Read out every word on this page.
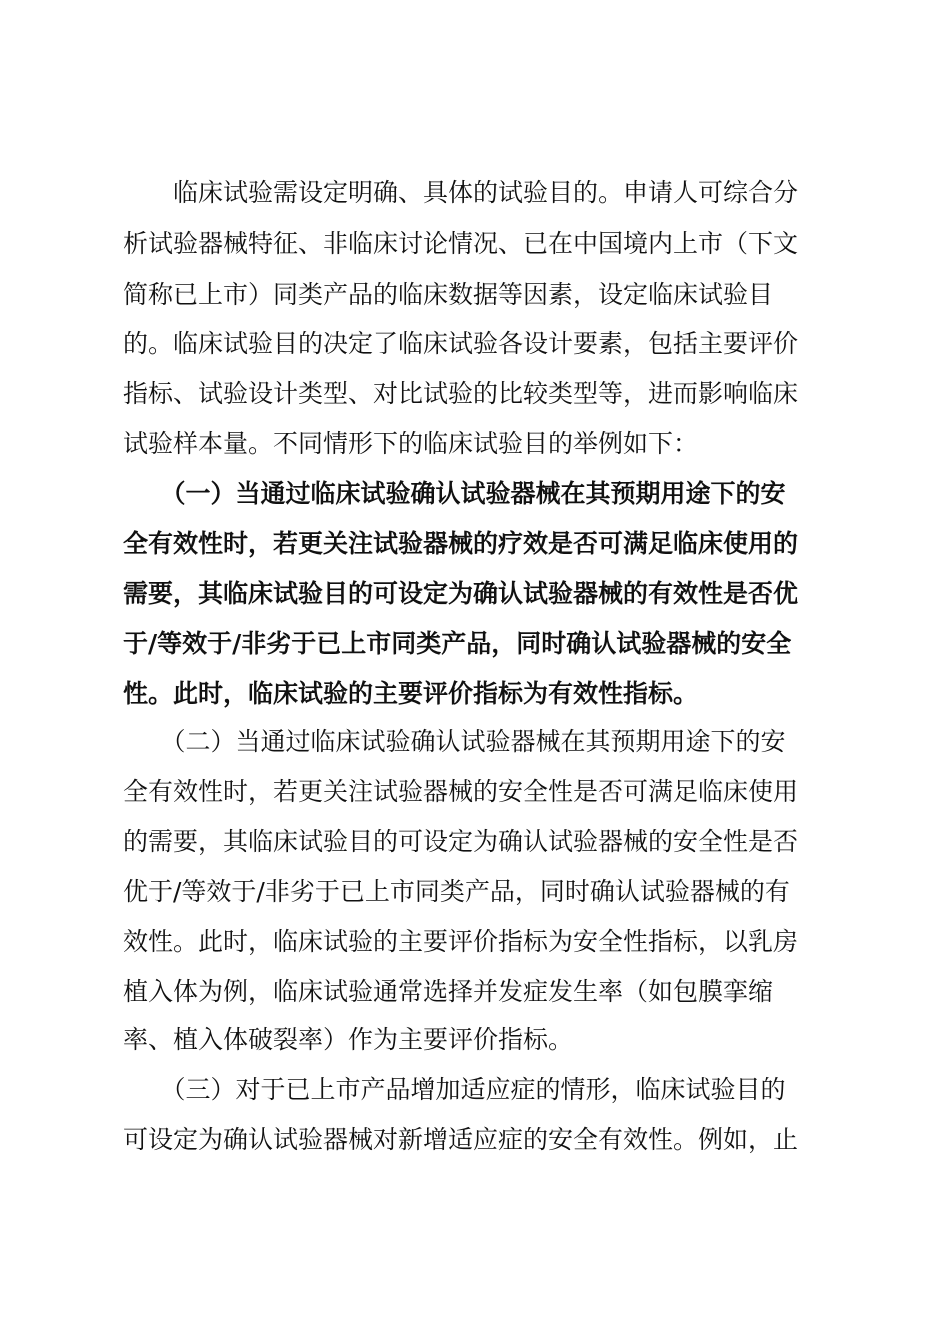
　　临床试验需设定明确、具体的试验目的。申请人可综合分

析试验器械特征、非临床讨论情况、已在中国境内上市（下文

简称已上市）同类产品的临床数据等因素，设定临床试验目

的。临床试验目的决定了临床试验各设计要素，包括主要评价

指标、试验设计类型、对比试验的比较类型等，进而影响临床

试验样本量。不同情形下的临床试验目的举例如下：

　　（一）当通过临床试验确认试验器械在其预期用途下的安

全有效性时，若更关注试验器械的疗效是否可满足临床使用的

需要，其临床试验目的可设定为确认试验器械的有效性是否优

于/等效于/非劣于已上市同类产品，同时确认试验器械的安全

性。此时，临床试验的主要评价指标为有效性指标。

　　（二）当通过临床试验确认试验器械在其预期用途下的安

全有效性时，若更关注试验器械的安全性是否可满足临床使用

的需要，其临床试验目的可设定为确认试验器械的安全性是否

优于/等效于/非劣于已上市同类产品，同时确认试验器械的有

效性。此时，临床试验的主要评价指标为安全性指标，以乳房

植入体为例，临床试验通常选择并发症发生率（如包膜挛缩

率、植入体破裂率）作为主要评价指标。

　　（三）对于已上市产品增加适应症的情形，临床试验目的

可设定为确认试验器械对新增适应症的安全有效性。例如，止
